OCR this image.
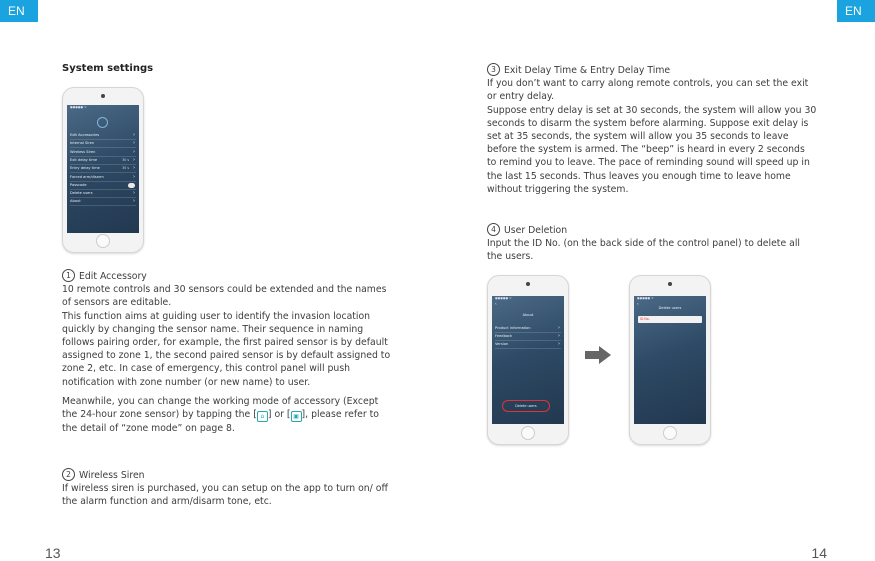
EN	EN

System settings

●●●●● ᯤ
Edit Accessories	›
Internal Siren	›
Wireless Siren	›
Exit delay time	30 s ›
Entry delay time	30 s ›
Forced arm/disarm	›
Passcode
Delete users	›
About	›

1 Edit Accessory

10 remote controls and 30 sensors could be extended and the names of sensors are editable.

This function aims at guiding user to identify the invasion location quickly by changing the sensor name. Their sequence in naming follows pairing order, for example, the first paired sensor is by default assigned to zone 1, the second paired sensor is by default assigned to zone 2, etc. In case of emergency, this control panel will push notification with zone number (or new name) to user.

Meanwhile, you can change the working mode of accessory (Except the 24-hour zone sensor) by tapping the [ ⌂ ] or [ ▣ ], please refer to the detail of “zone mode” on page 8.

2 Wireless Siren

If wireless siren is purchased, you can setup on the app to turn on/ off the alarm function and arm/disarm tone, etc.

3 Exit Delay Time & Entry Delay Time

If you don’t want to carry along remote controls, you can set the exit or entry delay.

Suppose entry delay is set at 30 seconds, the system will allow you 30 seconds to disarm the system before alarming. Suppose exit delay is set at 35 seconds, the system will allow you 35 seconds to leave before the system is armed. The “beep” is heard in every 2 seconds to remind you to leave. The pace of reminding sound will speed up in the last 15 seconds. Thus leaves you enough time to leave home without triggering the system.

4 User Deletion

Input the ID No. (on the back side of the control panel) to delete all the users.

●●●●● ᯤ
‹
About
Product information	›
Feedback	›
Version	›
Delete users
●●●●● ᯤ
‹
Delete users
ID No.
13	14
